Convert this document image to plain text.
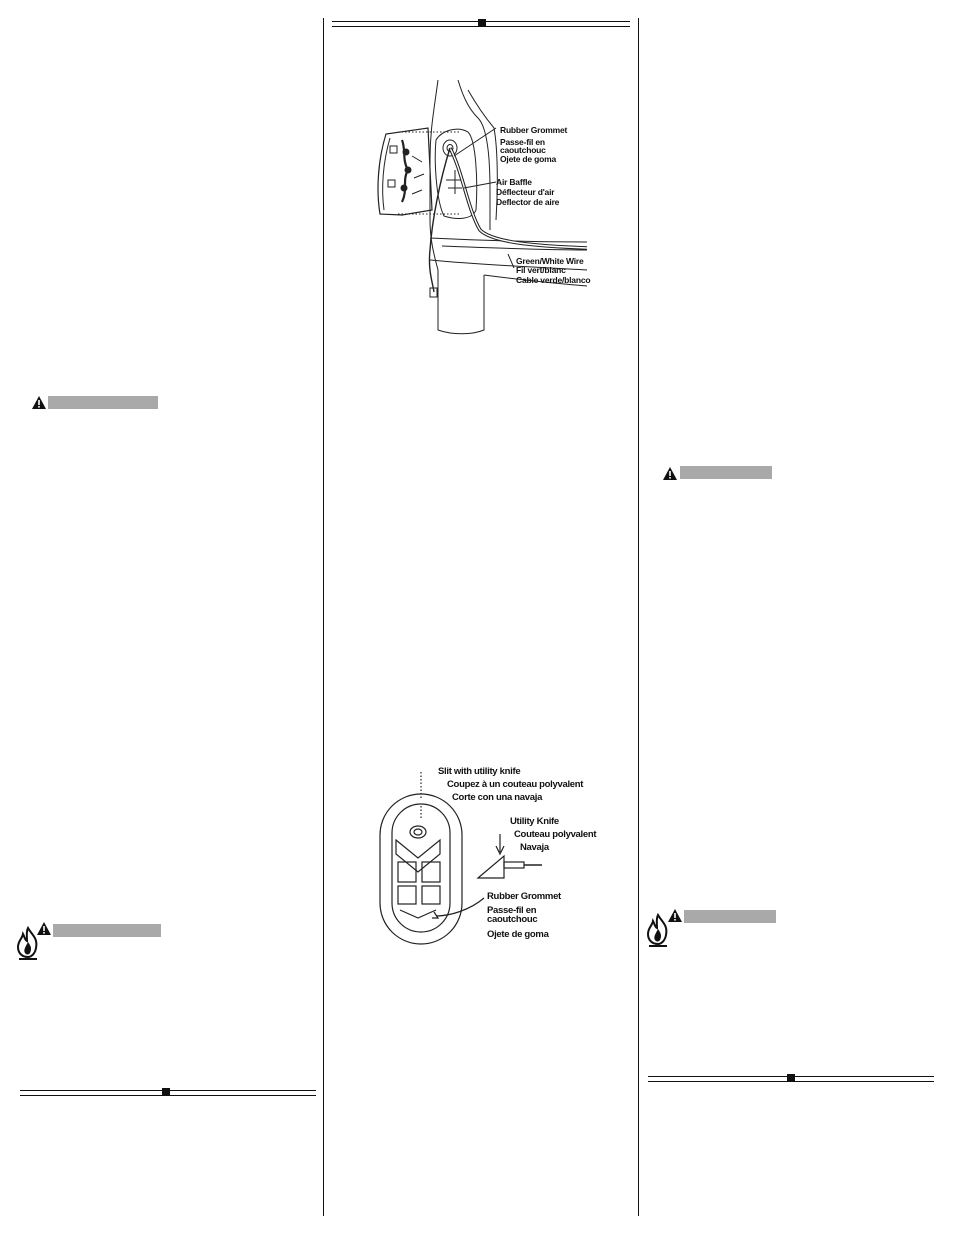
Rubber Grommet
Passe-fil en
caoutchouc
Ojete de goma
Air Baffle
Déflecteur d'air
Deflector de aire
Green/White Wire
Fil vert/blanc
Cable verde/blanco
Slit with utility knife
Coupez à un couteau polyvalent
Corte con una navaja
Utility Knife
Couteau polyvalent
Navaja
Rubber Grommet
Passe-fil en
caoutchouc
Ojete de goma
